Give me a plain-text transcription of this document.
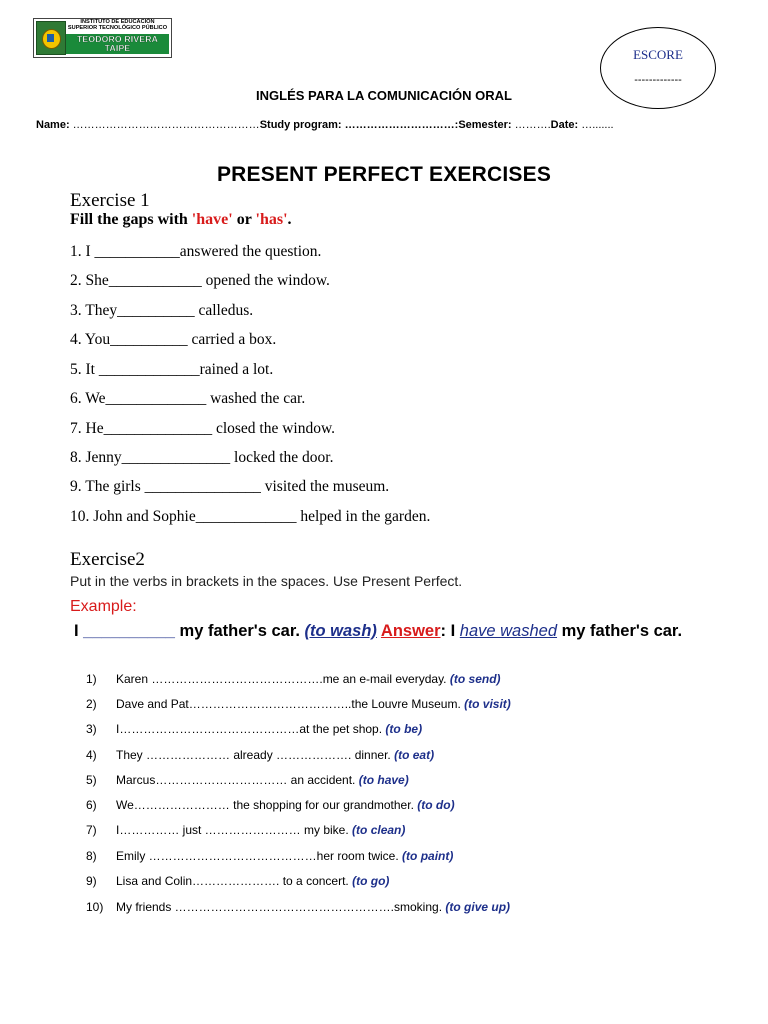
INSTITUTO DE EDUCACIÓN
SUPERIOR TECNOLÓGICO PÚBLICO
TEODORO RIVERA TAIPE	ESCORE
-------------
INGLÉS PARA LA COMUNICACIÓN ORAL
Name: ……………………………………………Study program: …………………………:Semester: ……….Date: ….......
PRESENT PERFECT EXERCISES
Exercise 1
Fill the gaps with 'have' or 'has'.
1. I ___________answered the question.
2. She____________ opened the window.
3. They__________ calledus.
4. You__________ carried a box.
5. It _____________rained a lot.
6. We_____________ washed the car.
7. He______________ closed the window.
8. Jenny______________ locked the door.
9. The girls _______________ visited the museum.
10. John and Sophie_____________ helped in the garden.
Exercise2
Put in the verbs in brackets in the spaces. Use Present Perfect.
Example:
I __________ my father's car. (to wash) Answer: I have washed my father's car.
1) Karen …………………………………….me an e-mail everyday. (to send)
2) Dave and Pat…………………………………..the Louvre Museum. (to visit)
3) I………………………………………at the pet shop. (to be)
4) They ………………… already ………………. dinner. (to eat)
5) Marcus…………………………… an accident. (to have)
6) We…………………… the shopping for our grandmother. (to do)
7) I…………… just …………………… my bike. (to clean)
8) Emily ……………………………………her room twice. (to paint)
9) Lisa and Colin…………………. to a concert. (to go)
10) My friends ……………………………………………….smoking. (to give up)
